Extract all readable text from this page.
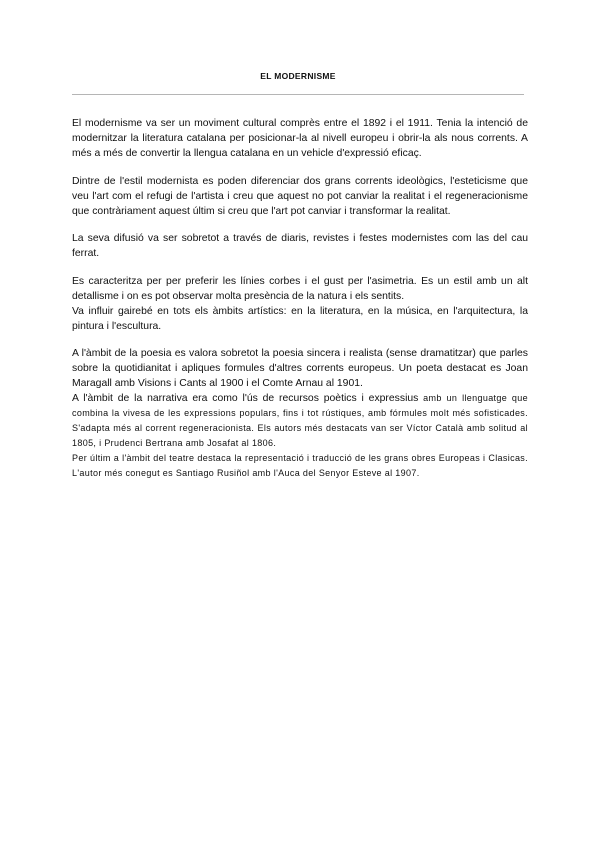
EL MODERNISME

El modernisme va ser un moviment cultural comprès entre el 1892 i el 1911. Tenia la intenció de modernitzar la literatura catalana per posicionar-la al nivell europeu i obrir-la als nous corrents. A més a més de convertir la llengua catalana en un vehicle d'expressió eficaç.

Dintre de l'estil modernista es poden diferenciar dos grans corrents ideològics, l'esteticisme que veu l'art com el refugi de l'artista i creu que aquest no pot canviar la realitat i el regeneracionisme que contràriament aquest últim si creu que l'art pot canviar i transformar la realitat.

La seva difusió va ser sobretot a través de diaris, revistes i festes modernistes com las del cau ferrat.

Es caracteritza per per preferir les línies corbes i el gust per l'asimetria. Es un estil amb un alt detallisme i on es pot observar molta presència de la natura i els sentits.

Va influir gairebé en tots els àmbits artístics: en la literatura, en la música, en l'arquitectura, la pintura i l'escultura.

A l'àmbit de la poesia es valora sobretot la poesia sincera i realista (sense dramatitzar) que parles sobre la quotidianitat i apliques formules d'altres corrents europeus. Un poeta destacat es Joan Maragall amb Visions i Cants al 1900 i el Comte Arnau al 1901.

A l'àmbit de la narrativa era como l'ús de recursos poètics i expressius amb un llenguatge que combina la vivesa de les expressions populars, fins i tot rústiques, amb fórmules molt més sofisticades. S'adapta més al corrent regeneracionista. Els autors més destacats van ser Víctor Català amb solitud al 1805, i Prudenci Bertrana amb Josafat al 1806.

Per últim a l'àmbit del teatre destaca la representació i traducció de les grans obres Europeas i Clasicas. L'autor més conegut es Santiago Rusiñol amb l'Auca del Senyor Esteve al 1907.
